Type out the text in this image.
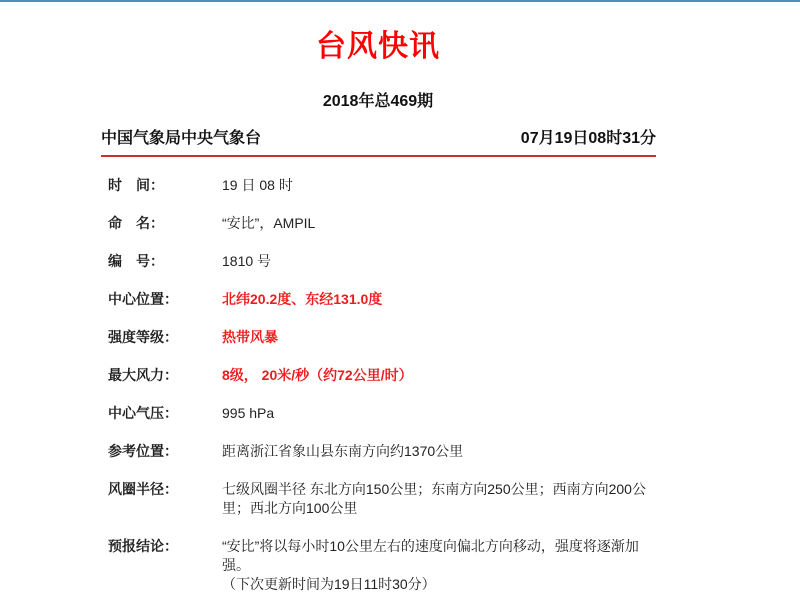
台风快讯
2018年总469期
中国气象局中央气象台	07月19日08时31分
时　间：	19 日 08 时
命　名：	“安比”，AMPIL
编　号：	1810 号
中心位置：	北纬20.2度、东经131.0度
强度等级：	热带风暴
最大风力：	8级， 20米/秒（约72公里/时）
中心气压：	995 hPa
参考位置：	距离浙江省象山县东南方向约1370公里
风圈半径：	七级风圈半径 东北方向150公里；东南方向250公里；西南方向200公里；西北方向100公里
预报结论：	“安比”将以每小时10公里左右的速度向偏北方向移动，强度将逐渐加强。
（下次更新时间为19日11时30分）
